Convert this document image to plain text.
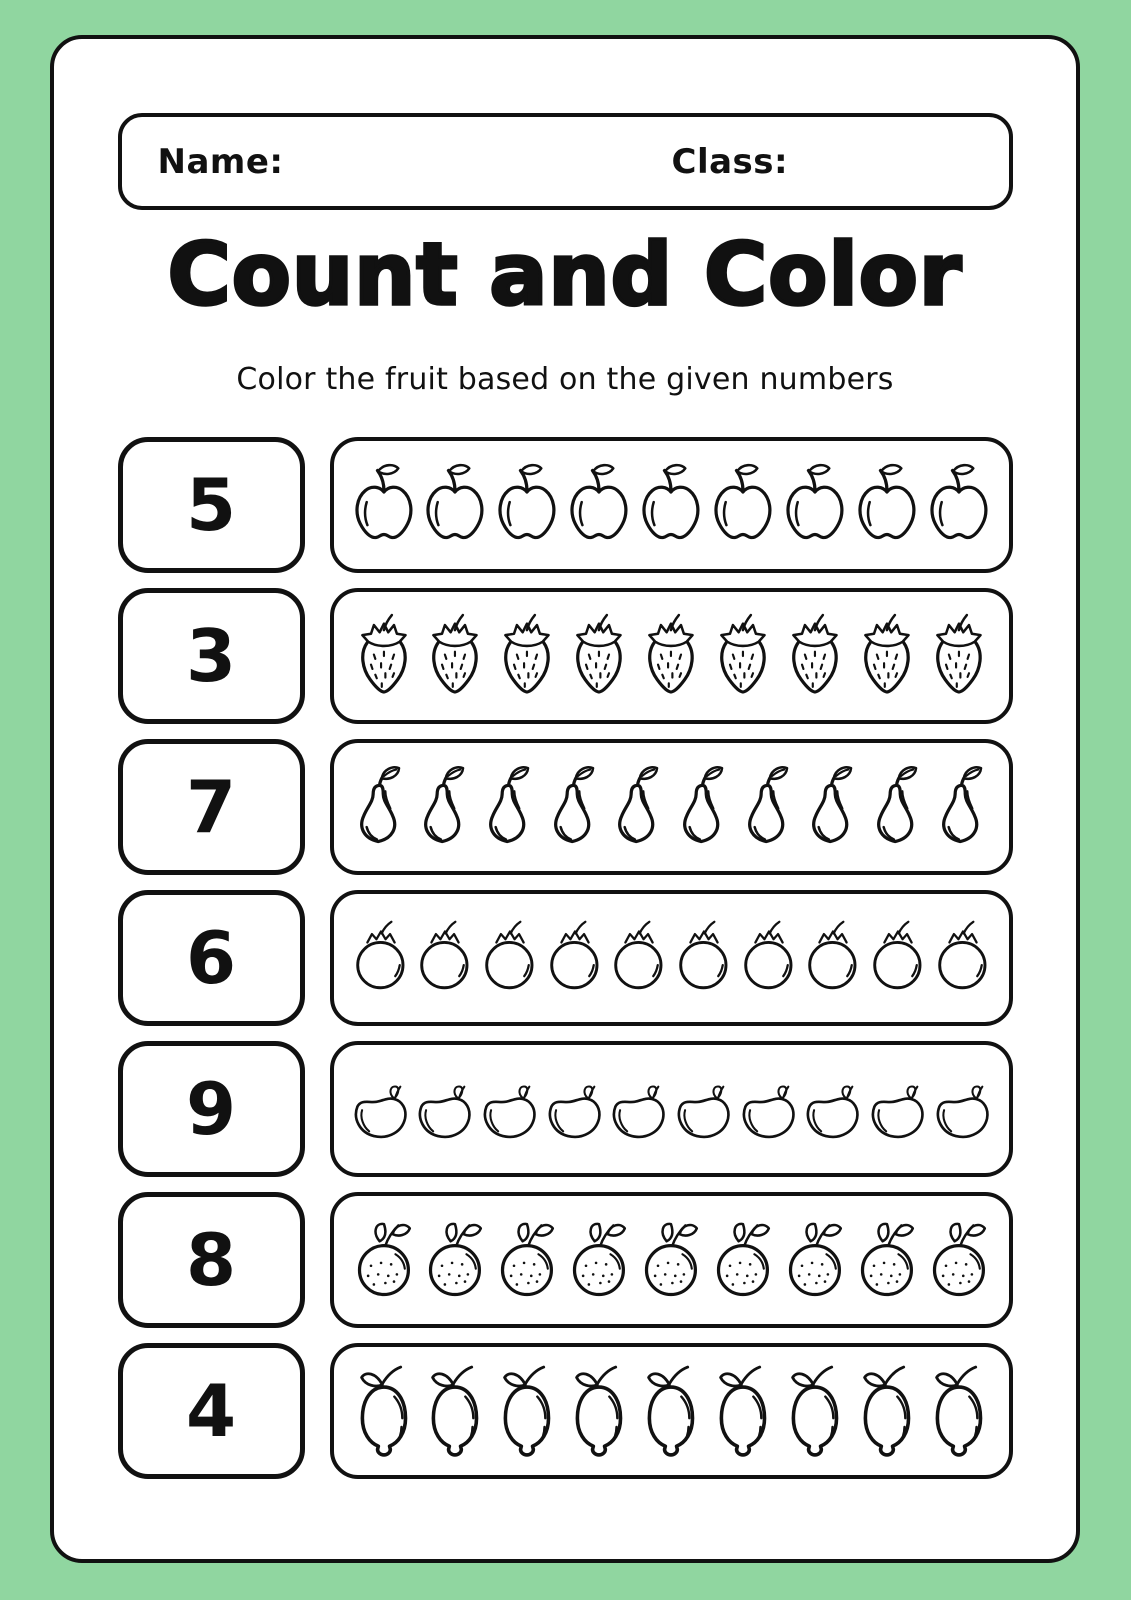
Name:	Class:
Count and Color

Color the fruit based on the given numbers

5
3
7
6
9
8
4
